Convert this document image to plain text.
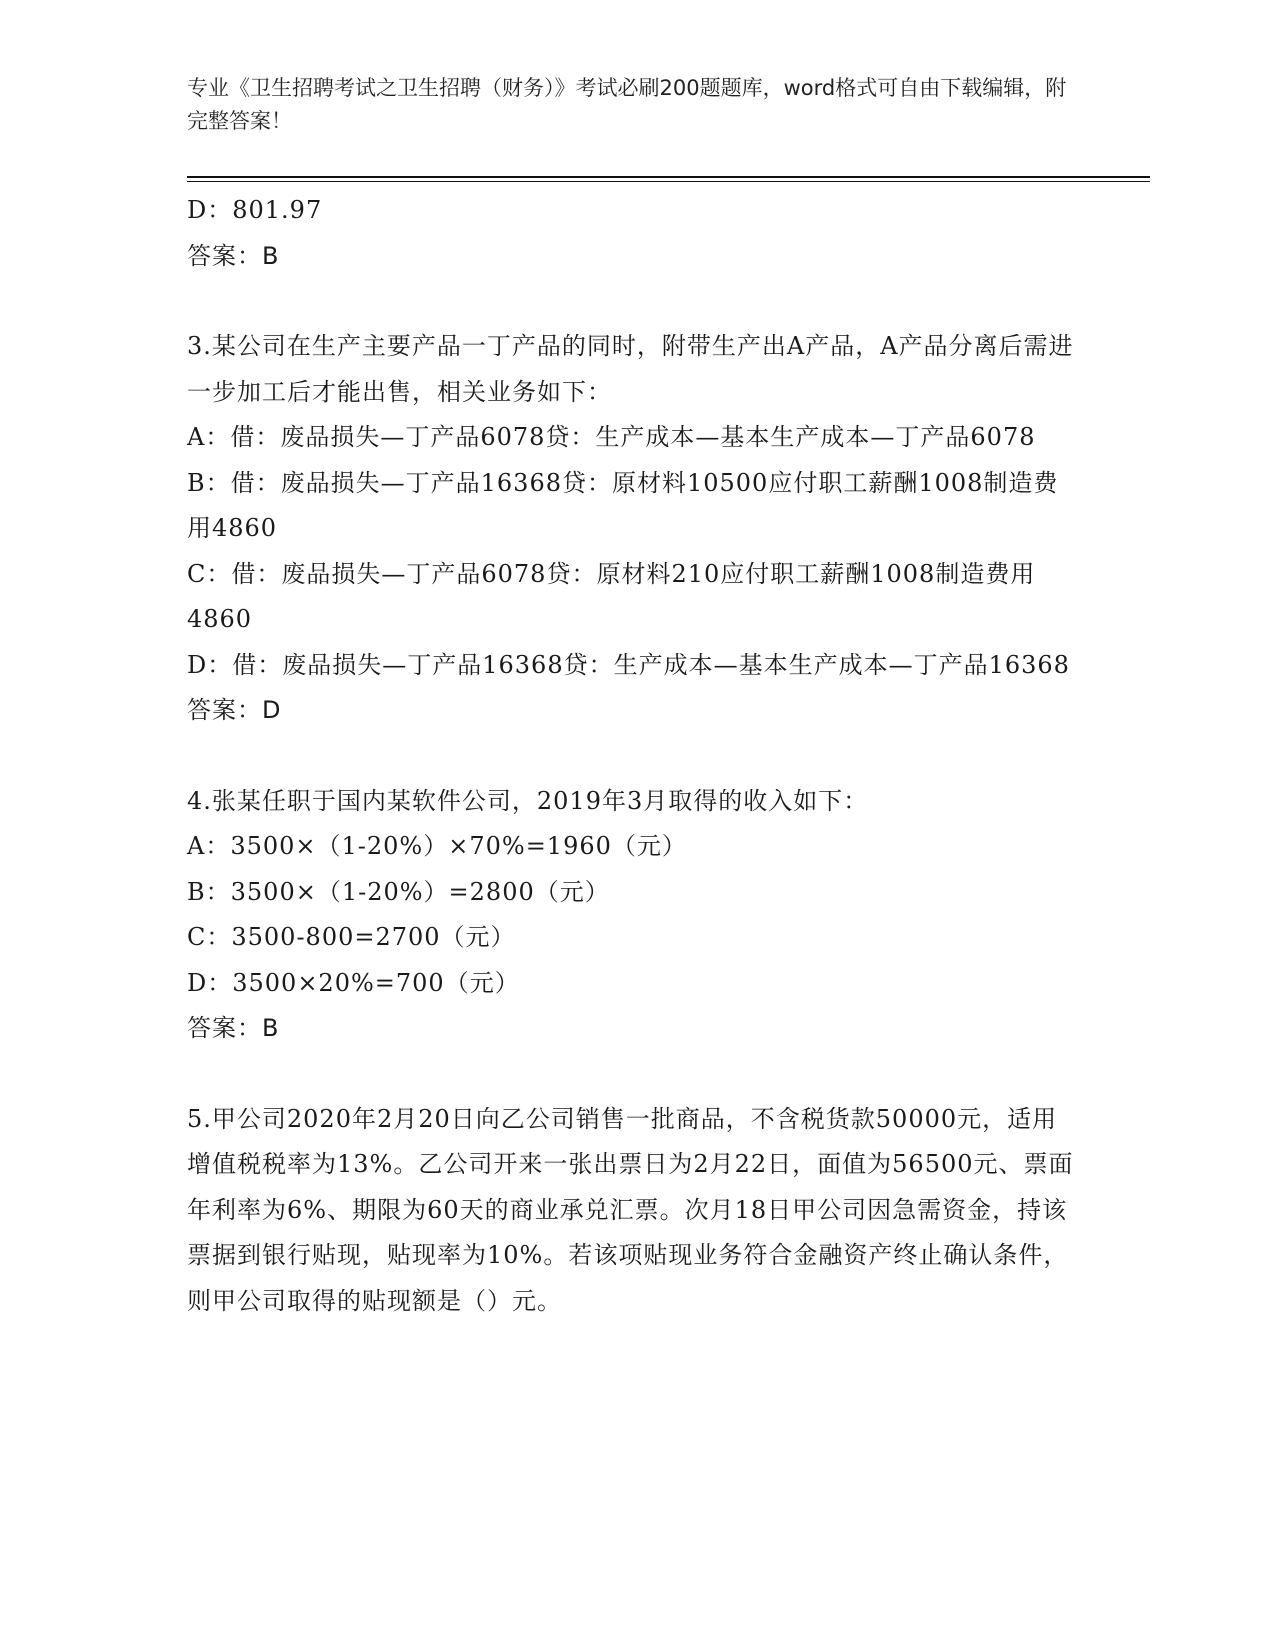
专业《卫生招聘考试之卫生招聘（财务）》考试必刷200题题库，word格式可自由下载编辑，附完整答案！

D：801.97

答案：B

3.某公司在生产主要产品一丁产品的同时，附带生产出A产品，A产品分离后需进一步加工后才能出售，相关业务如下：

A：借：废品损失—丁产品6078贷：生产成本—基本生产成本—丁产品6078

B：借：废品损失—丁产品16368贷：原材料10500应付职工薪酬1008制造费用4860

C：借：废品损失—丁产品6078贷：原材料210应付职工薪酬1008制造费用4860

D：借：废品损失—丁产品16368贷：生产成本—基本生产成本—丁产品16368

答案：D

4.张某任职于国内某软件公司，2019年3月取得的收入如下：

A：3500×（1-20%）×70%=1960（元）

B：3500×（1-20%）=2800（元）

C：3500-800=2700（元）

D：3500×20%=700（元）

答案：B

5.甲公司2020年2月20日向乙公司销售一批商品，不含税货款50000元，适用增值税税率为13%。乙公司开来一张出票日为2月22日，面值为56500元、票面年利率为6%、期限为60天的商业承兑汇票。次月18日甲公司因急需资金，持该票据到银行贴现，贴现率为10%。若该项贴现业务符合金融资产终止确认条件，则甲公司取得的贴现额是（）元。
